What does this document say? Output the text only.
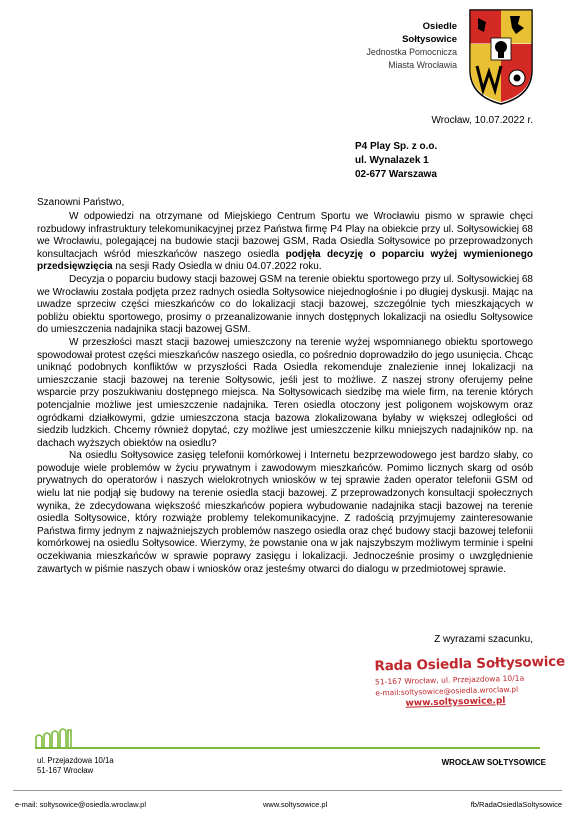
Osiedle
Sołtysowice
Jednostka Pomocnicza
Miasta Wrocławia
Wrocław, 10.07.2022 r.
P4 Play Sp. z o.o.
ul. Wynalazek 1
02-677 Warszawa
Szanowni Państwo,

W odpowiedzi na otrzymane od Miejskiego Centrum Sportu we Wrocławiu pismo w sprawie chęci rozbudowy infrastruktury telekomunikacyjnej przez Państwa firmę P4 Play na obiekcie przy ul. Sołtysowickiej 68 we Wrocławiu, polegającej na budowie stacji bazowej GSM, Rada Osiedla Sołtysowice po przeprowadzonych konsultacjach wśród mieszkańców naszego osiedla podjęła decyzję o poparciu wyżej wymienionego przedsięwzięcia na sesji Rady Osiedla w dniu 04.07.2022 roku.

Decyzja o poparciu budowy stacji bazowej GSM na terenie obiektu sportowego przy ul. Sołtysowickiej 68 we Wrocławiu została podjęta przez radnych osiedla Sołtysowice niejednogłośnie i po długiej dyskusji. Mając na uwadze sprzeciw części mieszkańców co do lokalizacji stacji bazowej, szczególnie tych mieszkających w pobliżu obiektu sportowego, prosimy o przeanalizowanie innych dostępnych lokalizacji na osiedlu Sołtysowice do umieszczenia nadajnika stacji bazowej GSM.

W przeszłości maszt stacji bazowej umieszczony na terenie wyżej wspomnianego obiektu sportowego spowodował protest części mieszkańców naszego osiedla, co pośrednio doprowadziło do jego usunięcia. Chcąc uniknąć podobnych konfliktów w przyszłości Rada Osiedla rekomenduje znalezienie innej lokalizacji na umieszczanie stacji bazowej na terenie Sołtysowic, jeśli jest to możliwe. Z naszej strony oferujemy pełne wsparcie przy poszukiwaniu dostępnego miejsca. Na Sołtysowicach siedzibę ma wiele firm, na terenie których potencjalnie możliwe jest umieszczenie nadajnika. Teren osiedla otoczony jest poligonem wojskowym oraz ogródkami działkowymi, gdzie umieszczona stacja bazowa zlokalizowana byłaby w większej odległości od siedzib ludzkich. Chcemy również dopytać, czy możliwe jest umieszczenie kilku mniejszych nadajników np. na dachach wyższych obiektów na osiedlu?

Na osiedlu Sołtysowice zasięg telefonii komórkowej i Internetu bezprzewodowego jest bardzo słaby, co powoduje wiele problemów w życiu prywatnym i zawodowym mieszkańców. Pomimo licznych skarg od osób prywatnych do operatorów i naszych wielokrotnych wniosków w tej sprawie żaden operator telefonii GSM od wielu lat nie podjął się budowy na terenie osiedla stacji bazowej. Z przeprowadzonych konsultacji społecznych wynika, że zdecydowana większość mieszkańców popiera wybudowanie nadajnika stacji bazowej na terenie osiedla Sołtysowice, który rozwiąże problemy telekomunikacyjne. Z radością przyjmujemy zainteresowanie Państwa firmy jednym z najważniejszych problemów naszego osiedla oraz chęć budowy stacji bazowej telefonii komórkowej na osiedlu Sołtysowice. Wierzymy, że powstanie ona w jak najszybszym możliwym terminie i spełni oczekiwania mieszkańców w sprawie poprawy zasięgu i lokalizacji. Jednocześnie prosimy o uwzględnienie zawartych w piśmie naszych obaw i wniosków oraz jesteśmy otwarci do dialogu w przedmiotowej sprawie.

Z wyrazami szacunku,
Rada Osiedla Sołtysowice
51-167 Wrocław, ul. Przejazdowa 10/1a
e-mail:soltysowice@osiedla.wroclaw.pl
www.soltysowice.pl
ul. Przejazdowa 10/1a
51-167 Wrocław
WROCŁAW SOŁTYSOWICE
e-mail: soltysowice@osiedla.wroclaw.pl	www.soltysowice.pl	fb/RadaOsiedlaSoltysowice
